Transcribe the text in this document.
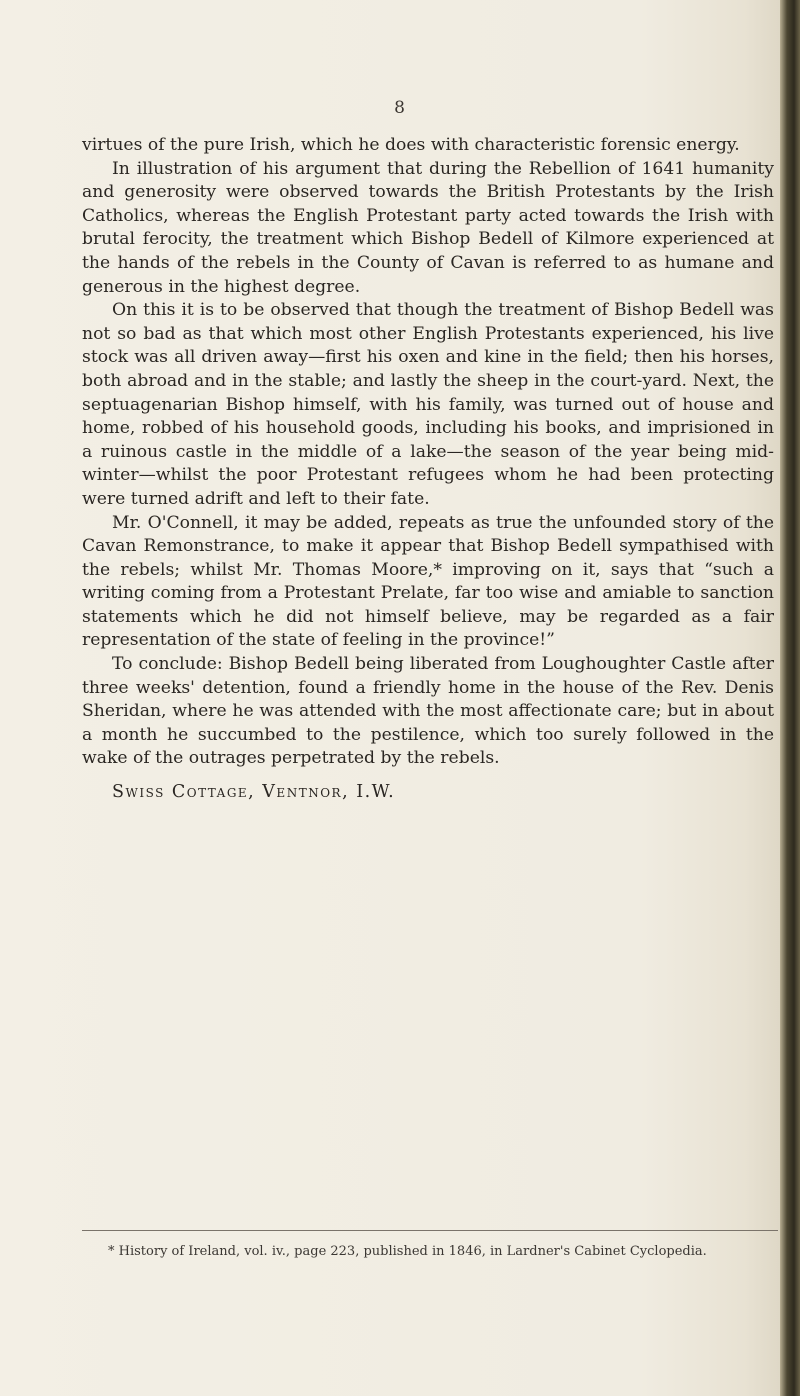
8

virtues of the pure Irish, which he does with characteristic forensic energy.

In illustration of his argument that during the Rebellion of 1641 humanity and generosity were observed towards the British Protestants by the Irish Catholics, whereas the English Protestant party acted towards the Irish with brutal ferocity, the treatment which Bishop Bedell of Kilmore experienced at the hands of the rebels in the County of Cavan is referred to as humane and generous in the highest degree.

On this it is to be observed that though the treatment of Bishop Bedell was not so bad as that which most other English Protestants experienced, his live stock was all driven away—first his oxen and kine in the field; then his horses, both abroad and in the stable; and lastly the sheep in the court-yard. Next, the septuagenarian Bishop himself, with his family, was turned out of house and home, robbed of his household goods, including his books, and imprisioned in a ruinous castle in the middle of a lake—the season of the year being mid-winter—whilst the poor Protestant refugees whom he had been protecting were turned adrift and left to their fate.

Mr. O'Connell, it may be added, repeats as true the unfounded story of the Cavan Remonstrance, to make it appear that Bishop Bedell sympathised with the rebels; whilst Mr. Thomas Moore,* improving on it, says that “such a writing coming from a Protestant Prelate, far too wise and amiable to sanction statements which he did not himself believe, may be regarded as a fair representation of the state of feeling in the province!”

To conclude: Bishop Bedell being liberated from Loughoughter Castle after three weeks' detention, found a friendly home in the house of the Rev. Denis Sheridan, where he was attended with the most affectionate care; but in about a month he succumbed to the pestilence, which too surely followed in the wake of the outrages perpetrated by the rebels.

Swiss Cottage, Ventnor, I.W.

* History of Ireland, vol. iv., page 223, published in 1846, in Lardner's Cabinet Cyclopedia.
